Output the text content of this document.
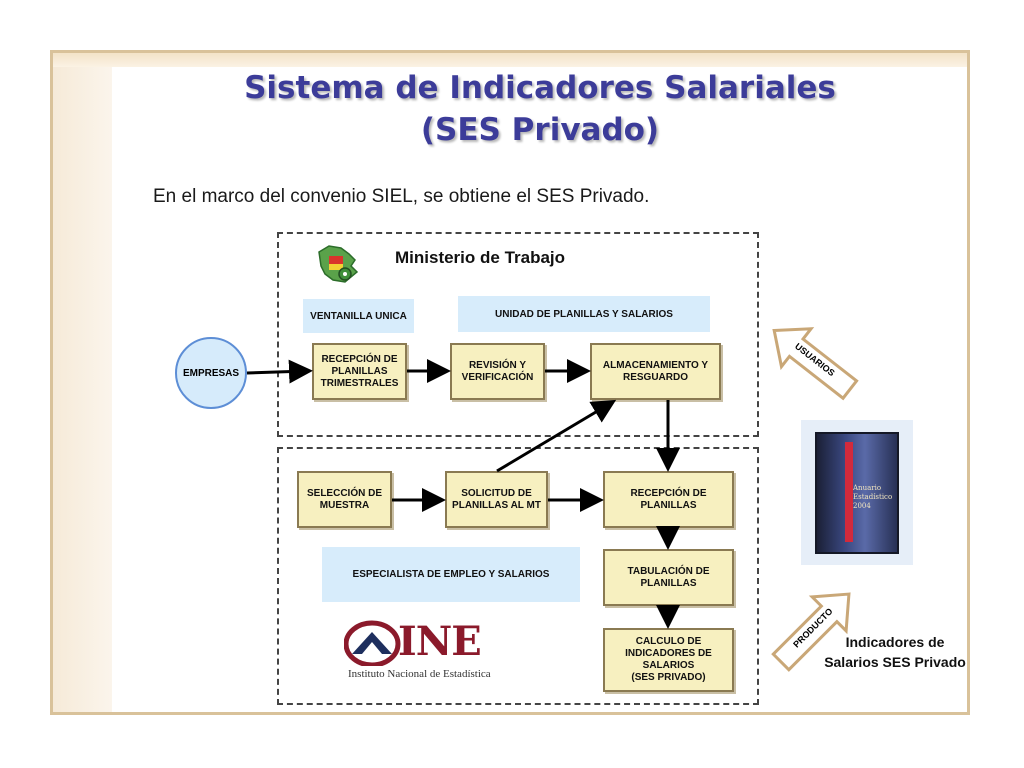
Sistema de Indicadores Salariales
(SES Privado)
En el marco del convenio SIEL, se obtiene el SES Privado.
Ministerio de Trabajo
VENTANILLA UNICA	UNIDAD DE PLANILLAS Y SALARIOS
EMPRESAS
RECEPCIÓN DE
PLANILLAS
TRIMESTRALES
REVISIÓN Y
VERIFICACIÓN
ALMACENAMIENTO Y
RESGUARDO
SELECCIÓN DE
MUESTRA
SOLICITUD DE
PLANILLAS AL MT
RECEPCIÓN DE
PLANILLAS
ESPECIALISTA DE EMPLEO Y SALARIOS	TABULACIÓN DE
PLANILLAS
CALCULO DE
INDICADORES DE
SALARIOS
(SES PRIVADO)
USUARIOS
PRODUCTO
Anuario
Estadístico
2004
Indicadores de
Salarios SES Privado
INE
Instituto Nacional de Estadística
